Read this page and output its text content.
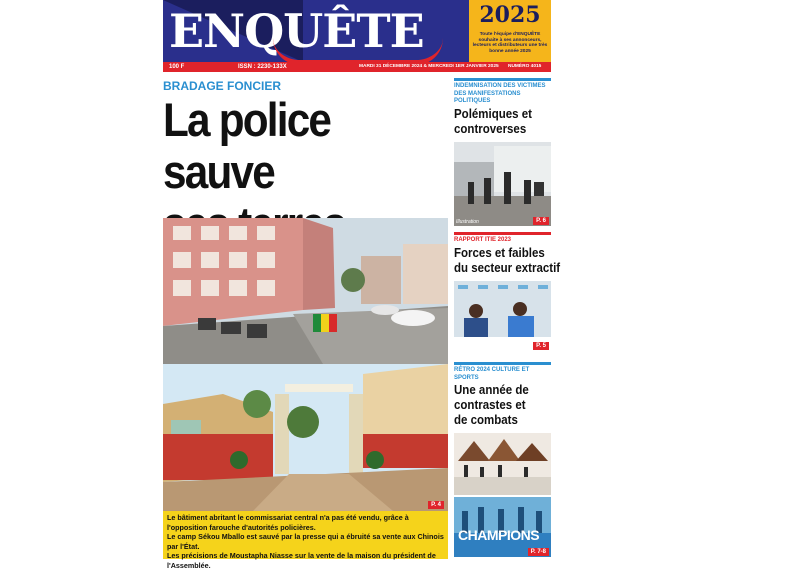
ENQUÊTE	2025
Toute l'équipe d'ENQUÊTE souhaite à ses annonceurs, lecteurs et distributeurs une très bonne année 2025
100 F	ISSN : 2230-133X	MARDI 31 DÉCEMBRE 2024 & MERCREDI 1ER JANVIER 2025 NUMÉRO 4015
BRADAGE FONCIER
La police sauve
P. 4

Le bâtiment abritant le commissariat central n'a pas été vendu, grâce à l'opposition farouche d'autorités policières.
Le camp Sékou Mballo est sauvé par la presse qui a ébruité sa vente aux Chinois par l'État.
Les précisions de Moustapha Niasse sur la vente de la maison du président de l'Assemblée.

INDEMNISATION DES VICTIMES DES MANIFESTATIONS POLITIQUES
Polémiques et
controverses
P. 6
Illustration
RAPPORT ITIE 2023
Forces et faibles
du secteur extractif
P. 5
RÉTRO 2024 CULTURE ET SPORTS
Une année de
contrastes et
de combats
CHAMPIONS
P. 7-8
